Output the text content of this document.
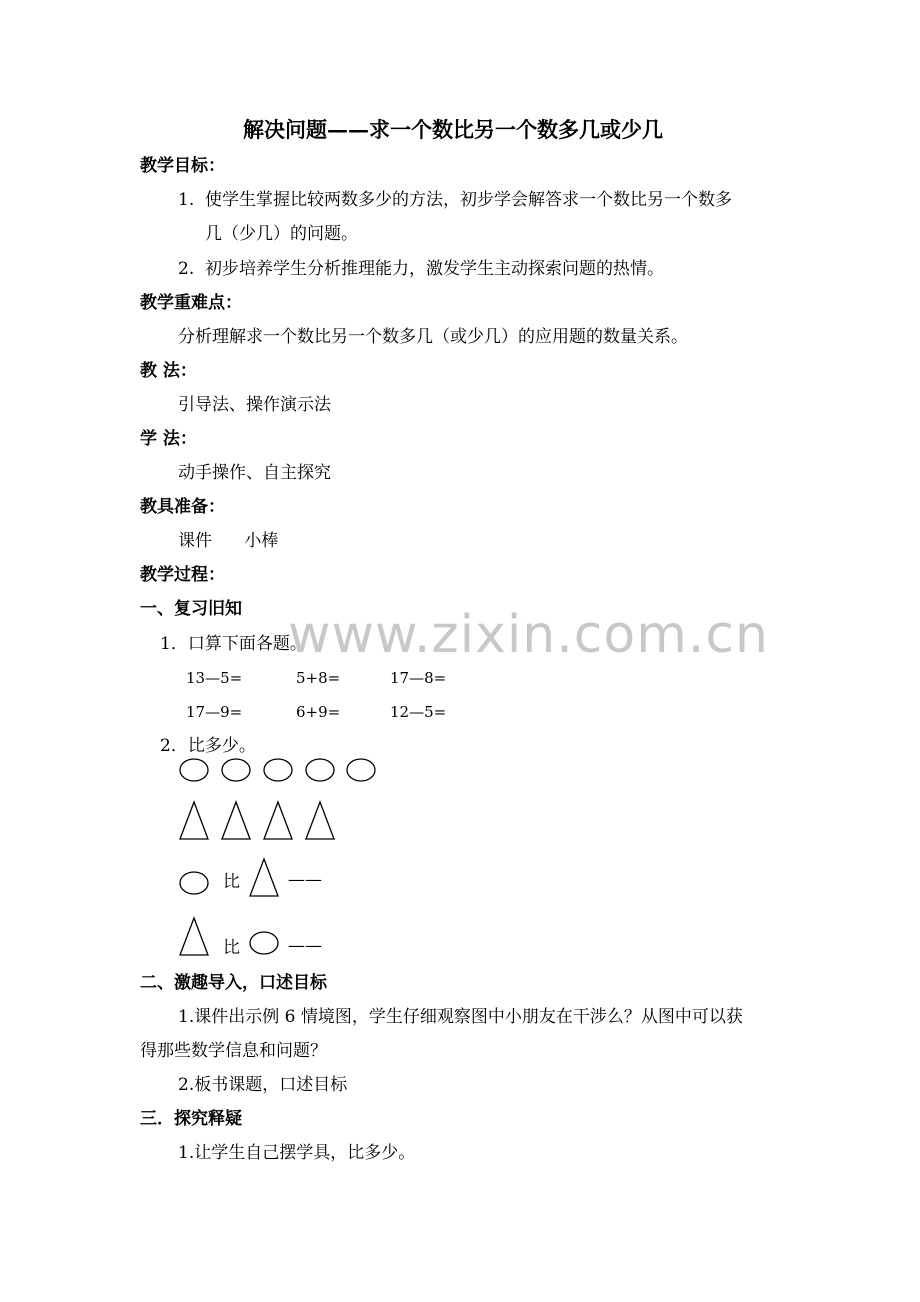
www.zixin.com.cn
解决问题——求一个数比另一个数多几或少几
教学目标：
1. 使学生掌握比较两数多少的方法，初步学会解答求一个数比另一个数多
几（少几）的问题。
2. 初步培养学生分析推理能力，激发学生主动探索问题的热情。
教学重难点：
分析理解求一个数比另一个数多几（或少几）的应用题的数量关系。
教 法：
引导法、操作演示法
学 法：
动手操作、自主探究
教具准备：
课件      小棒
教学过程：
一、复习旧知
1．口算下面各题。
13—5=	5+8=	17—8=
17—9=	6+9=	12—5=
2．比多少。
比	——
比	——
二、激趣导入，口述目标
1.课件出示例 6 情境图，学生仔细观察图中小朋友在干涉么？从图中可以获
得那些数学信息和问题？
2.板书课题，口述目标
三．探究释疑
1.让学生自己摆学具，比多少。
